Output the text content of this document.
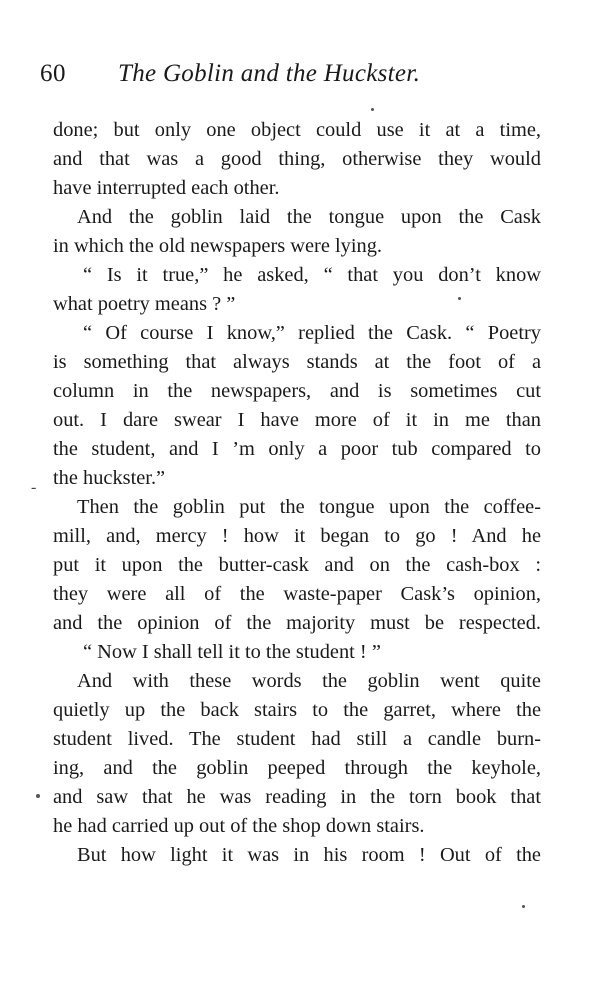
60 The Goblin and the Huckster.
-
done; but only one object could use it at a time,
and that was a good thing, otherwise they would
have interrupted each other.
And the goblin laid the tongue upon the Cask
in which the old newspapers were lying.
“ Is it true,” he asked, “ that you don’t know
what poetry means ? ”
“ Of course I know,” replied the Cask. “ Poetry
is something that always stands at the foot of a
column in the newspapers, and is sometimes cut
out. I dare swear I have more of it in me than
the student, and I ’m only a poor tub compared to
the huckster.”
Then the goblin put the tongue upon the coffee-
mill, and, mercy ! how it began to go ! And he
put it upon the butter-cask and on the cash-box :
they were all of the waste-paper Cask’s opinion,
and the opinion of the majority must be respected.
“ Now I shall tell it to the student ! ”
And with these words the goblin went quite
quietly up the back stairs to the garret, where the
student lived. The student had still a candle burn-
ing, and the goblin peeped through the keyhole,
and saw that he was reading in the torn book that
he had carried up out of the shop down stairs.
But how light it was in his room ! Out of the
